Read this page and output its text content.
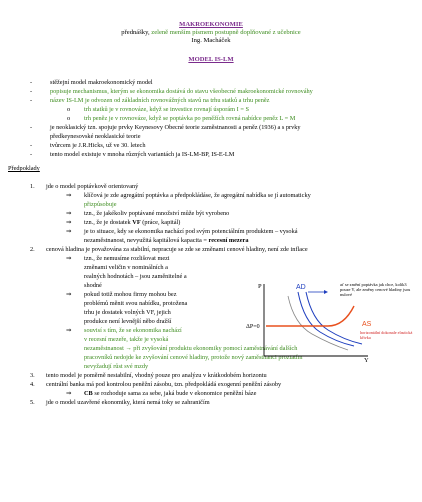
MAKROEKONOMIE
přednášky, zeleně menším písmem postupně doplňované z učebnice
Ing. Macháček
MODEL IS-LM
-	stěžejní model makroekonomický model
-	popisuje mechanismus, kterým se ekonomika dostává do stavu všeobecné makroekonomické rovnováhy
-	název IS-LM je odvozen od základních rovnovážných stavů na trhu statků a trhu peněz
o trh statků je v rovnováze, když se investice rovnají úsporám I = S
o trh peněz je v rovnováze, když se poptávka po peněžích rovná nabídce peněz L = M
-	je neoklasický tzn. spojuje prvky Keynesovy Obecné teorie zaměstnanosti a peněz (1936) a s prvky
předkeynesovské neoklasické teorie
-	tvůrcem je J.R.Hicks, už ve 30. letech
-	tento model existuje v mnoha různých variantách ja IS-LM-BP, IS-E-LM
Předpoklady
1. jde o model poptávkově orientovaný
⇒ klíčová je zde agregátní poptávka a předpokládáse, že agregátní nabídka se jí automaticky
přizpůsobuje
⇒ tzn., že jakékoliv poptávané množství může být vyrobeno
⇒ tzn., že je dostatek VF (práce, kapitál)
⇒ je to situace, kdy se ekonomika nachází pod svým potenciálním produktem – vysoká
nezaměstnanost, nevyužitá kapitálová kapacita = recesní mezera
2. cenová hladina je považována za stabilní, nepracuje se zde se změnami cenové hladiny, není zde inflace
⇒ tzn., že nemusíme rozlišovat mezi
změnami veličin v nominálních a
realných hodnotách – jsou zaměnitelné a
shodné
⇒ pokud totiž mohou firmy mohou bez
problémů měnit svou nabídku, protožena
trhu je dostatek volných VF, jejich
produkce není levnější něbo dražší
⇒ souvisí s tím, že se ekonomika nachází
v recesní mezeře, takže je vysoká
nezaměstnanost → při zvyšování produktu ekonomiky pomocí zaměstnávání dalších
pracovníků nedojde ke zvyšování cenové hladiny, protože nový zaměstnanci proztatím
nevyžadují růst své mzdy
3. tento model je poměrně nestabilní, vhodný pouze pro analýzu v krátkodobém horizontu
4. centrální banka má pod kontrolou peněžní zásobu, tzn. předpokládá exogenní peněžní zásoby
⇒ CB se rozhoduje sama za sebe, jaká bude v ekonomice peněžní báze
5. jde o model uzavřené ekonomiky, která nemá toky se zahraničím
P
Y
ΔP=0
AD
AS
ať se změní poptávka jak chce, kolik3 pouze Y, ale změny cenové hladiny jsou nulové
horizontální dokonale elastická křivka
